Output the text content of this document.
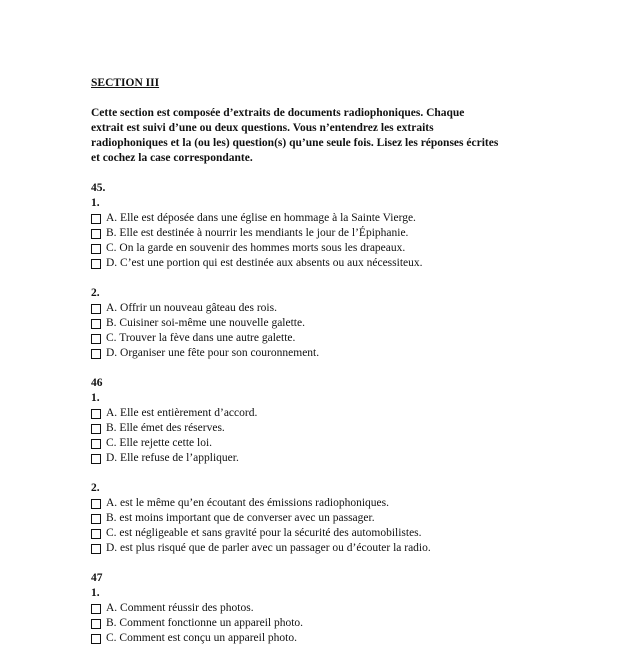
SECTION III
Cette section est composée d’extraits de documents radiophoniques. Chaque
extrait est suivi d’une ou deux questions. Vous n’entendrez les extraits
radiophoniques et la (ou les) question(s) qu’une seule fois. Lisez les réponses écrites
et cochez la case correspondante.
45.
1.
A. Elle est déposée dans une église en hommage à la Sainte Vierge.
B. Elle est destinée à nourrir les mendiants le jour de l’Épiphanie.
C. On la garde en souvenir des hommes morts sous les drapeaux.
D. C’est une portion qui est destinée aux absents ou aux nécessiteux.
2.
A. Offrir un nouveau gâteau des rois.
B. Cuisiner soi-même une nouvelle galette.
C. Trouver la fève dans une autre galette.
D. Organiser une fête pour son couronnement.
46
1.
A. Elle est entièrement d’accord.
B. Elle émet des réserves.
C. Elle rejette cette loi.
D. Elle refuse de l’appliquer.
2.
A. est le même qu’en écoutant des émissions radiophoniques.
B. est moins important que de converser avec un passager.
C. est négligeable et sans gravité pour la sécurité des automobilistes.
D. est plus risqué que de parler avec un passager ou d’écouter la radio.
47
1.
A. Comment réussir des photos.
B. Comment fonctionne un appareil photo.
C. Comment est conçu un appareil photo.
